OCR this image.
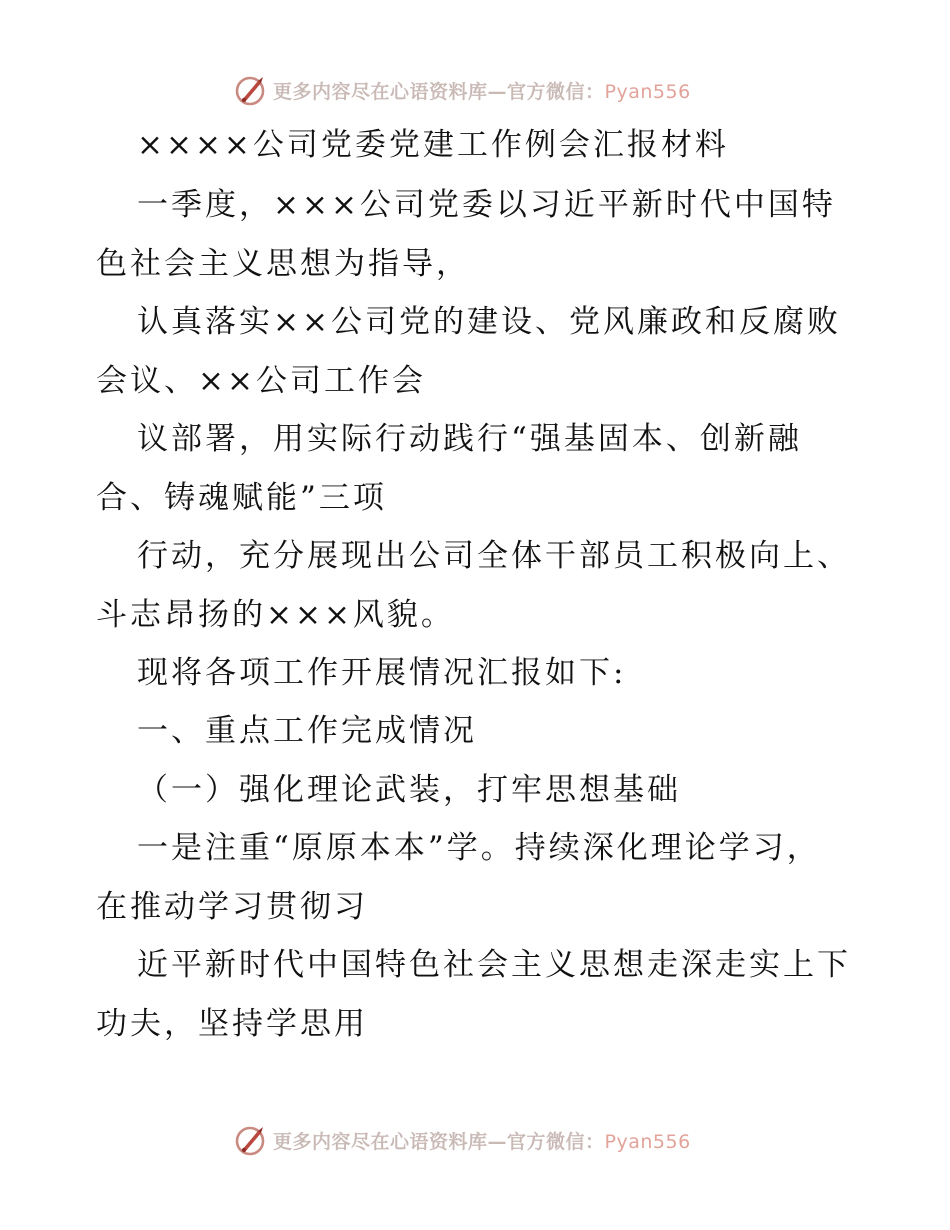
更多内容尽在心语资料库—官方微信：Pyan556
××××公司党委党建工作例会汇报材料
一季度，×××公司党委以习近平新时代中国特
色社会主义思想为指导，
认真落实××公司党的建设、党风廉政和反腐败
会议、××公司工作会
议部署，用实际行动践行“强基固本、创新融
合、铸魂赋能”三项
行动，充分展现出公司全体干部员工积极向上、
斗志昂扬的×××风貌。
现将各项工作开展情况汇报如下:
一、重点工作完成情况
（一）强化理论武装，打牢思想基础
一是注重“原原本本”学。持续深化理论学习，
在推动学习贯彻习
近平新时代中国特色社会主义思想走深走实上下
功夫，坚持学思用
更多内容尽在心语资料库—官方微信：Pyan556
